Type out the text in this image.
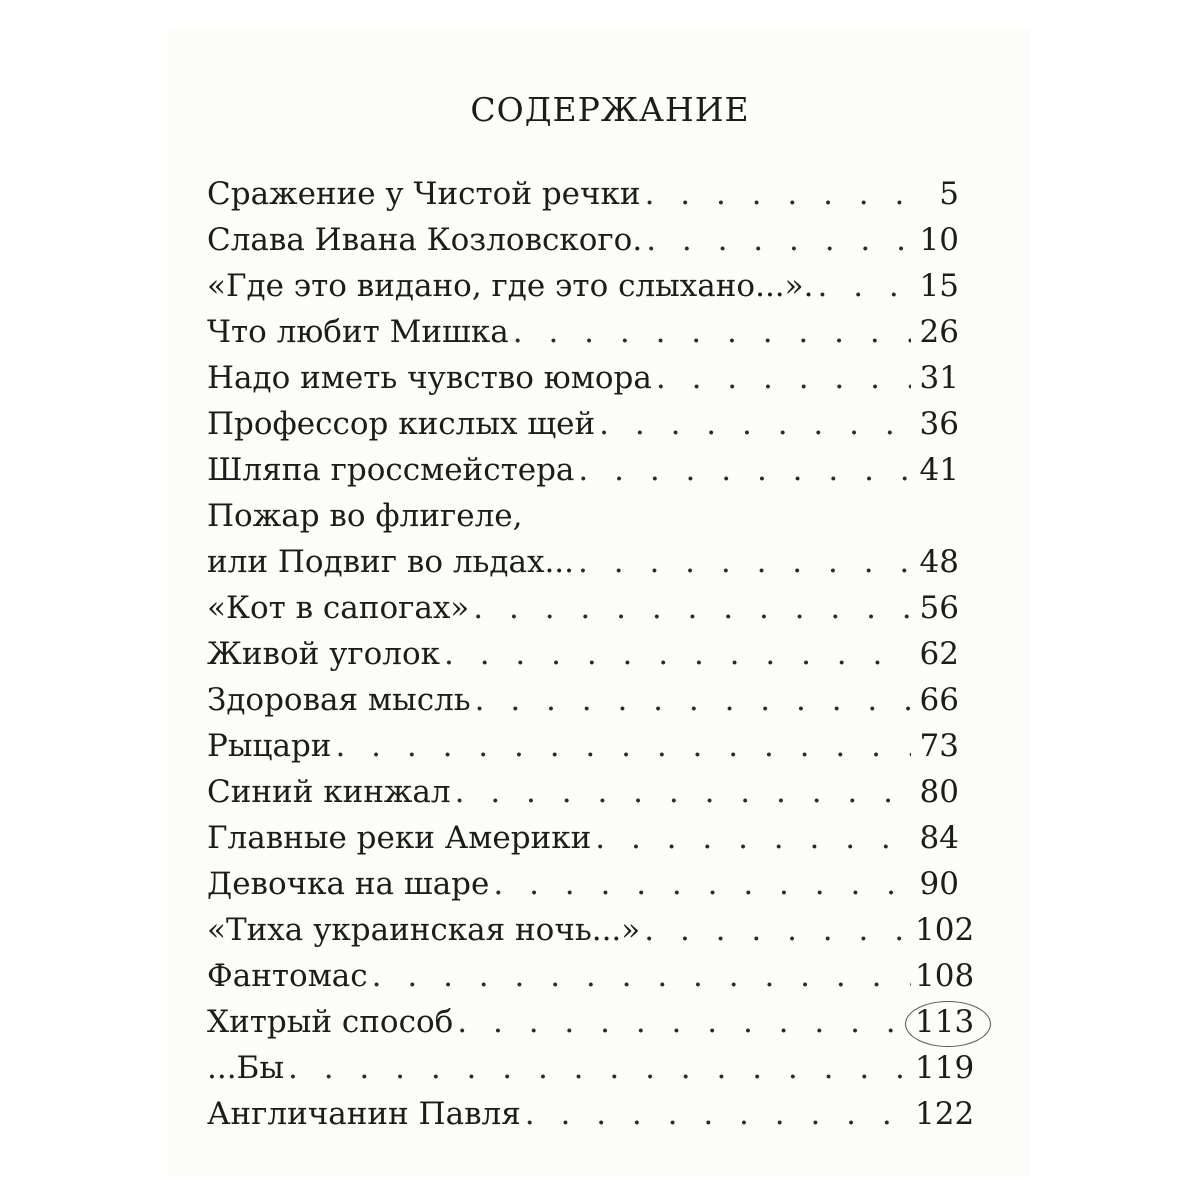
СОДЕРЖАНИЕ
Сражение у Чистой речки . . .	5
Слава Ивана Козловского. . . .	10
«Где это видано, где это слыхано...». . . .	15
Что любит Мишка . . .	26
Надо иметь чувство юмора . . .	31
Профессор кислых щей . . .	36
Шляпа гроссмейстера . . .	41
Пожар во флигеле,
или Подвиг во льдах... . . .	48
«Кот в сапогах» . . .	56
Живой уголок . . .	62
Здоровая мысль . . .	66
Рыцари . . .	73
Синий кинжал . . .	80
Главные реки Америки . . .	84
Девочка на шаре . . .	90
«Тиха украинская ночь...» . . .	102
Фантомас . . .	108
Хитрый способ . . .	113
...Бы . . .	119
Англичанин Павля . . .	122
